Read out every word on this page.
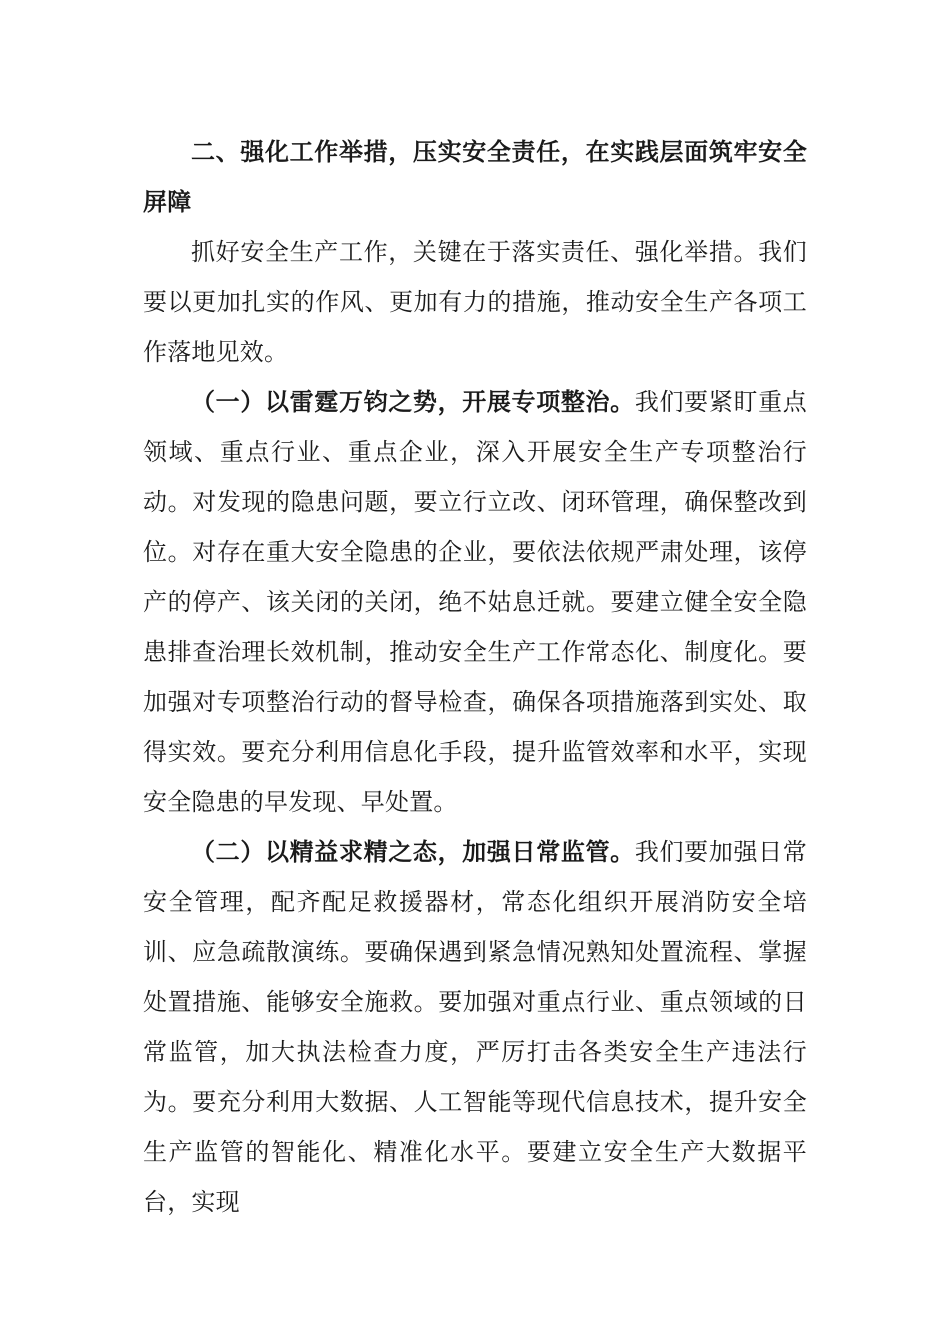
二、强化工作举措，压实安全责任，在实践层面筑牢安全屏障

抓好安全生产工作，关键在于落实责任、强化举措。我们要以更加扎实的作风、更加有力的措施，推动安全生产各项工作落地见效。

（一）以雷霆万钧之势，开展专项整治。我们要紧盯重点领域、重点行业、重点企业，深入开展安全生产专项整治行动。对发现的隐患问题，要立行立改、闭环管理，确保整改到位。对存在重大安全隐患的企业，要依法依规严肃处理，该停产的停产、该关闭的关闭，绝不姑息迁就。要建立健全安全隐患排查治理长效机制，推动安全生产工作常态化、制度化。要加强对专项整治行动的督导检查，确保各项措施落到实处、取得实效。要充分利用信息化手段，提升监管效率和水平，实现安全隐患的早发现、早处置。

（二）以精益求精之态，加强日常监管。我们要加强日常安全管理，配齐配足救援器材，常态化组织开展消防安全培训、应急疏散演练。要确保遇到紧急情况熟知处置流程、掌握处置措施、能够安全施救。要加强对重点行业、重点领域的日常监管，加大执法检查力度，严厉打击各类安全生产违法行为。要充分利用大数据、人工智能等现代信息技术，提升安全生产监管的智能化、精准化水平。要建立安全生产大数据平台，实现
